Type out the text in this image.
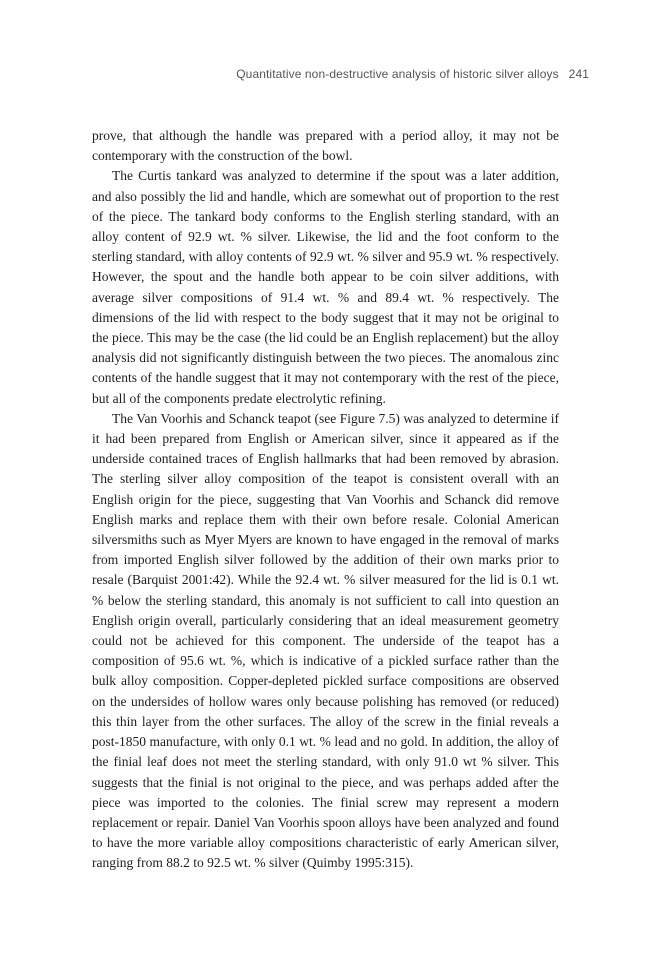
Quantitative non-destructive analysis of historic silver alloys 241

prove, that although the handle was prepared with a period alloy, it may not be contemporary with the construction of the bowl.

The Curtis tankard was analyzed to determine if the spout was a later addition, and also possibly the lid and handle, which are somewhat out of proportion to the rest of the piece. The tankard body conforms to the English sterling standard, with an alloy content of 92.9 wt. % silver. Likewise, the lid and the foot conform to the sterling standard, with alloy contents of 92.9 wt. % silver and 95.9 wt. % respectively. However, the spout and the handle both appear to be coin silver additions, with average silver compositions of 91.4 wt. % and 89.4 wt. % respectively. The dimensions of the lid with respect to the body suggest that it may not be original to the piece. This may be the case (the lid could be an English replacement) but the alloy analysis did not significantly distinguish between the two pieces. The anomalous zinc contents of the handle suggest that it may not contemporary with the rest of the piece, but all of the components predate electrolytic refining.

The Van Voorhis and Schanck teapot (see Figure 7.5) was analyzed to determine if it had been prepared from English or American silver, since it appeared as if the underside contained traces of English hallmarks that had been removed by abrasion. The sterling silver alloy composition of the teapot is consistent overall with an English origin for the piece, suggesting that Van Voorhis and Schanck did remove English marks and replace them with their own before resale. Colonial American silversmiths such as Myer Myers are known to have engaged in the removal of marks from imported English silver followed by the addition of their own marks prior to resale (Barquist 2001:42). While the 92.4 wt. % silver measured for the lid is 0.1 wt. % below the sterling standard, this anomaly is not sufficient to call into question an English origin overall, particularly considering that an ideal measurement geometry could not be achieved for this component. The underside of the teapot has a composition of 95.6 wt. %, which is indicative of a pickled surface rather than the bulk alloy composition. Copper-depleted pickled surface compositions are observed on the undersides of hollow wares only because polishing has removed (or reduced) this thin layer from the other surfaces. The alloy of the screw in the finial reveals a post-1850 manufacture, with only 0.1 wt. % lead and no gold. In addition, the alloy of the finial leaf does not meet the sterling standard, with only 91.0 wt % silver. This suggests that the finial is not original to the piece, and was perhaps added after the piece was imported to the colonies. The finial screw may represent a modern replacement or repair. Daniel Van Voorhis spoon alloys have been analyzed and found to have the more variable alloy compositions characteristic of early American silver, ranging from 88.2 to 92.5 wt. % silver (Quimby 1995:315).
